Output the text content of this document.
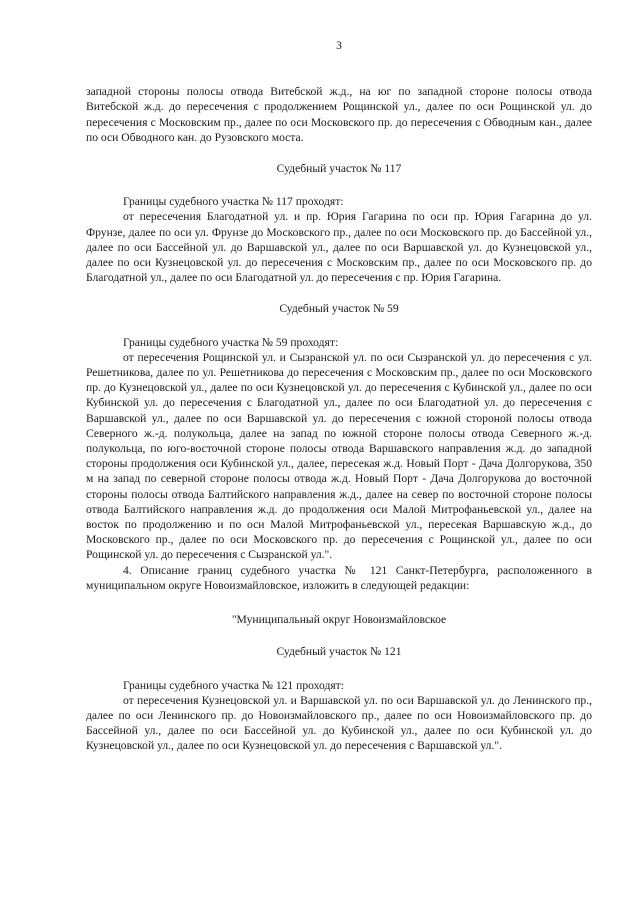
3

западной стороны полосы отвода Витебской ж.д., на юг по западной стороне полосы отвода Витебской ж.д. до пересечения с продолжением Рощинской ул., далее по оси Рощинской ул. до пересечения с Московским пр., далее по оси Московского пр. до пересечения с Обводным кан., далее по оси Обводного кан. до Рузовского моста.

Судебный участок № 117

Границы судебного участка № 117 проходят:

от пересечения Благодатной ул. и пр. Юрия Гагарина по оси пр. Юрия Гагарина до ул. Фрунзе, далее по оси ул. Фрунзе до Московского пр., далее по оси Московского пр. до Бассейной ул., далее по оси Бассейной ул. до Варшавской ул., далее по оси Варшавской ул. до Кузнецовской ул., далее по оси Кузнецовской ул. до пересечения с Московским пр., далее по оси Московского пр. до Благодатной ул., далее по оси Благодатной ул. до пересечения с пр. Юрия Гагарина.

Судебный участок № 59

Границы судебного участка № 59 проходят:

от пересечения Рощинской ул. и Сызранской ул. по оси Сызранской ул. до пересечения с ул. Решетникова, далее по ул. Решетникова до пересечения с Московским пр., далее по оси Московского пр. до Кузнецовской ул., далее по оси Кузнецовской ул. до пересечения с Кубинской ул., далее по оси Кубинской ул. до пересечения с Благодатной ул., далее по оси Благодатной ул. до пересечения с Варшавской ул., далее по оси Варшавской ул. до пересечения с южной стороной полосы отвода Северного ж.-д. полукольца, далее на запад по южной стороне полосы отвода Северного ж.-д. полукольца, по юго-восточной стороне полосы отвода Варшавского направления ж.д. до западной стороны продолжения оси Кубинской ул., далее, пересекая ж.д. Новый Порт - Дача Долгорукова, 350 м на запад по северной стороне полосы отвода ж.д. Новый Порт - Дача Долгорукова до восточной стороны полосы отвода Балтийского направления ж.д., далее на север по восточной стороне полосы отвода Балтийского направления ж.д. до продолжения оси Малой Митрофаньевской ул., далее на восток по продолжению и по оси Малой Митрофаньевской ул., пересекая Варшавскую ж.д., до Московского пр., далее по оси Московского пр. до пересечения с Рощинской ул., далее по оси Рощинской ул. до пересечения с Сызранской ул.".

4. Описание границ судебного участка № 121 Санкт-Петербурга, расположенного в муниципальном округе Новоизмайловское, изложить в следующей редакции:

"Муниципальный округ Новоизмайловское
Судебный участок № 121

Границы судебного участка № 121 проходят:

от пересечения Кузнецовской ул. и Варшавской ул. по оси Варшавской ул. до Ленинского пр., далее по оси Ленинского пр. до Новоизмайловского пр., далее по оси Новоизмайловского пр. до Бассейной ул., далее по оси Бассейной ул. до Кубинской ул., далее по оси Кубинской ул. до Кузнецовской ул., далее по оси Кузнецовской ул. до пересечения с Варшавской ул.".
